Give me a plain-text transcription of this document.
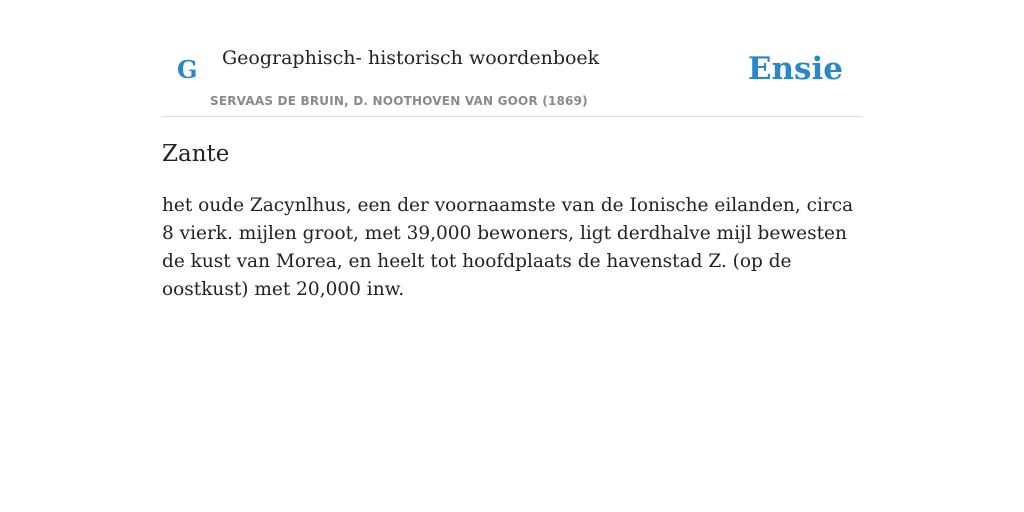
G Geographisch- historisch woordenboek
SERVAAS DE BRUIN, D. NOOTHOVEN VAN GOOR (1869)
Ensie
Zante

het oude Zacynlhus, een der voornaamste van de Ionische eilanden, circa 8 vierk. mijlen groot, met 39,000 bewoners, ligt derdhalve mijl bewesten de kust van Morea, en heelt tot hoofdplaats de havenstad Z. (op de oostkust) met 20,000 inw.
